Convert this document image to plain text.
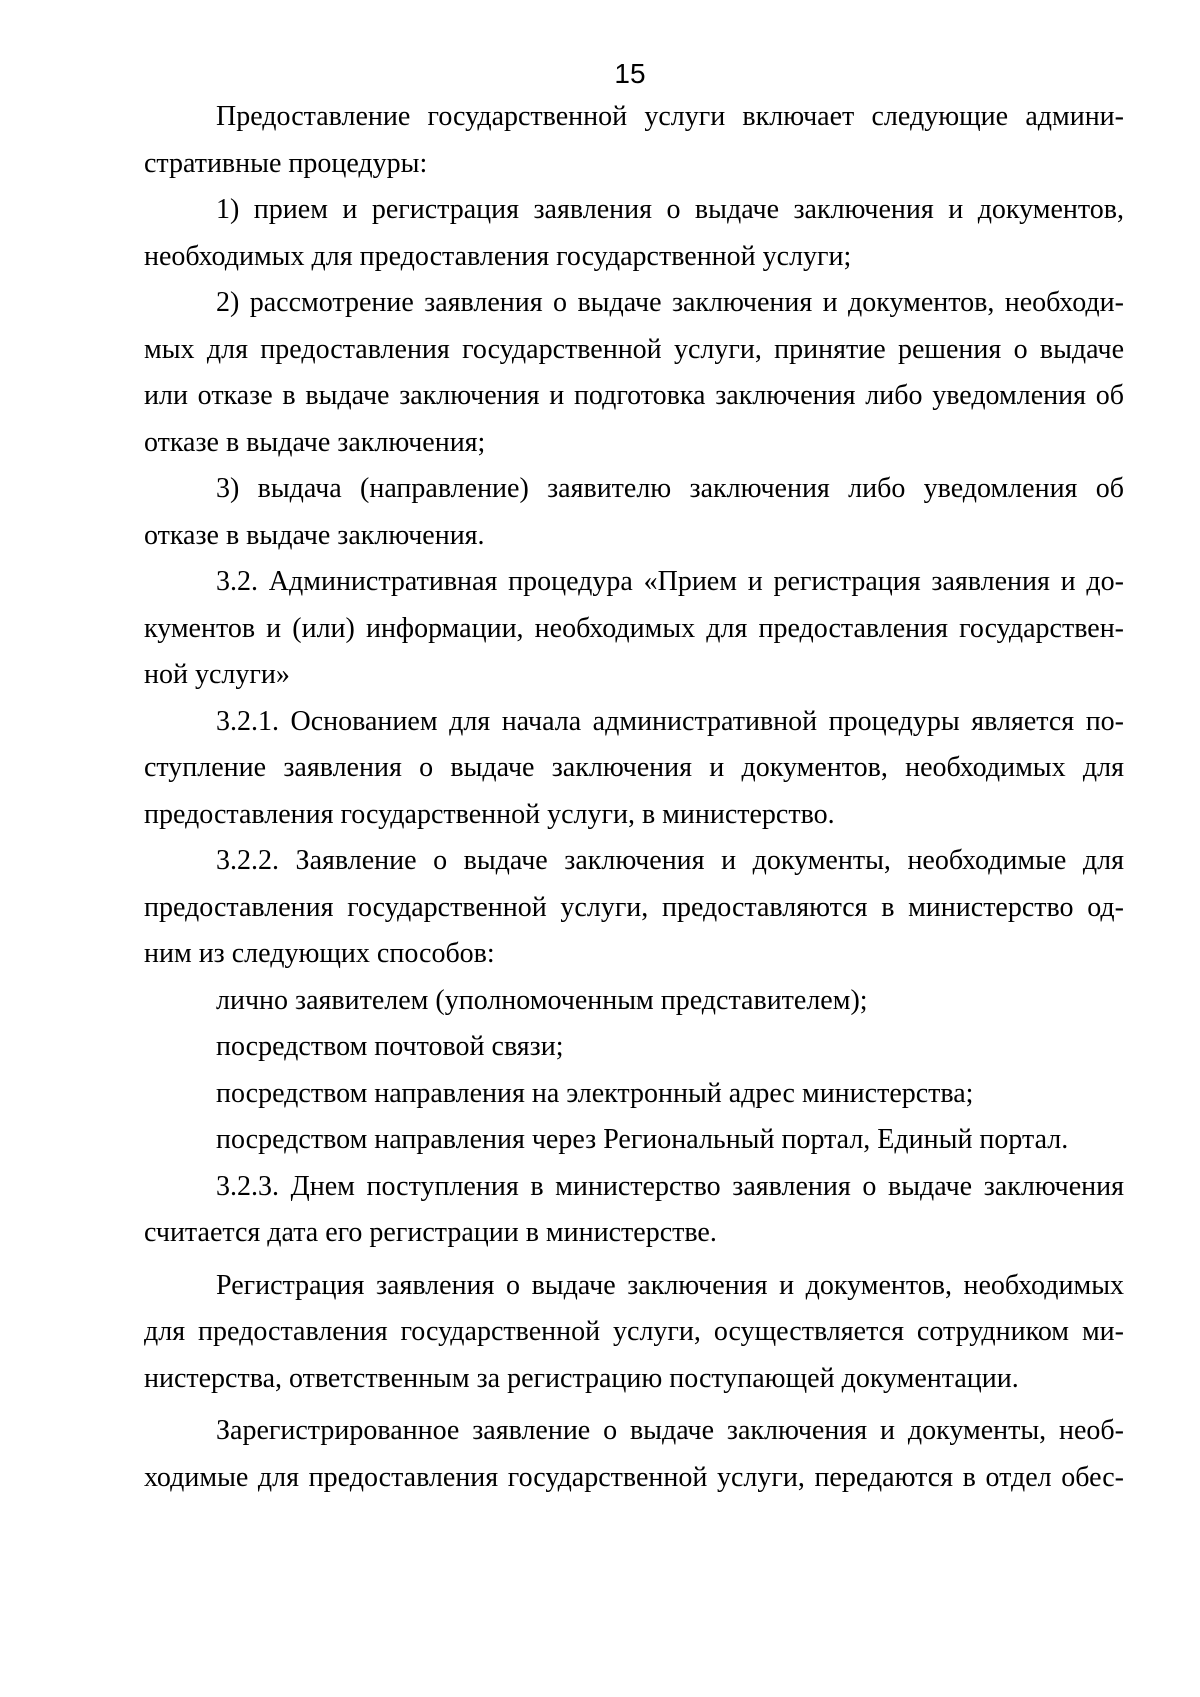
15
Предоставление государственной услуги включает следующие админи-
стративные процедуры:
1) прием и регистрация заявления о выдаче заключения и документов,
необходимых для предоставления государственной услуги;
2) рассмотрение заявления о выдаче заключения и документов, необходи-
мых для предоставления государственной услуги, принятие решения о выдаче
или отказе в выдаче заключения и подготовка заключения либо уведомления об
отказе в выдаче заключения;
3) выдача (направление) заявителю заключения либо уведомления об
отказе в выдаче заключения.
3.2. Административная процедура «Прием и регистрация заявления и до-
кументов и (или) информации, необходимых для предоставления государствен-
ной услуги»
3.2.1. Основанием для начала административной процедуры является по-
ступление заявления о выдаче заключения и документов, необходимых для
предоставления государственной услуги, в министерство.
3.2.2. Заявление о выдаче заключения и документы, необходимые для
предоставления государственной услуги, предоставляются в министерство од-
ним из следующих способов:
лично заявителем (уполномоченным представителем);
посредством почтовой связи;
посредством направления на электронный адрес министерства;
посредством направления через Региональный портал, Единый портал.
3.2.3. Днем поступления в министерство заявления о выдаче заключения
считается дата его регистрации в министерстве.
Регистрация заявления о выдаче заключения и документов, необходимых
для предоставления государственной услуги, осуществляется сотрудником ми-
нистерства, ответственным за регистрацию поступающей документации.
Зарегистрированное заявление о выдаче заключения и документы, необ-
ходимые для предоставления государственной услуги, передаются в отдел обес-
